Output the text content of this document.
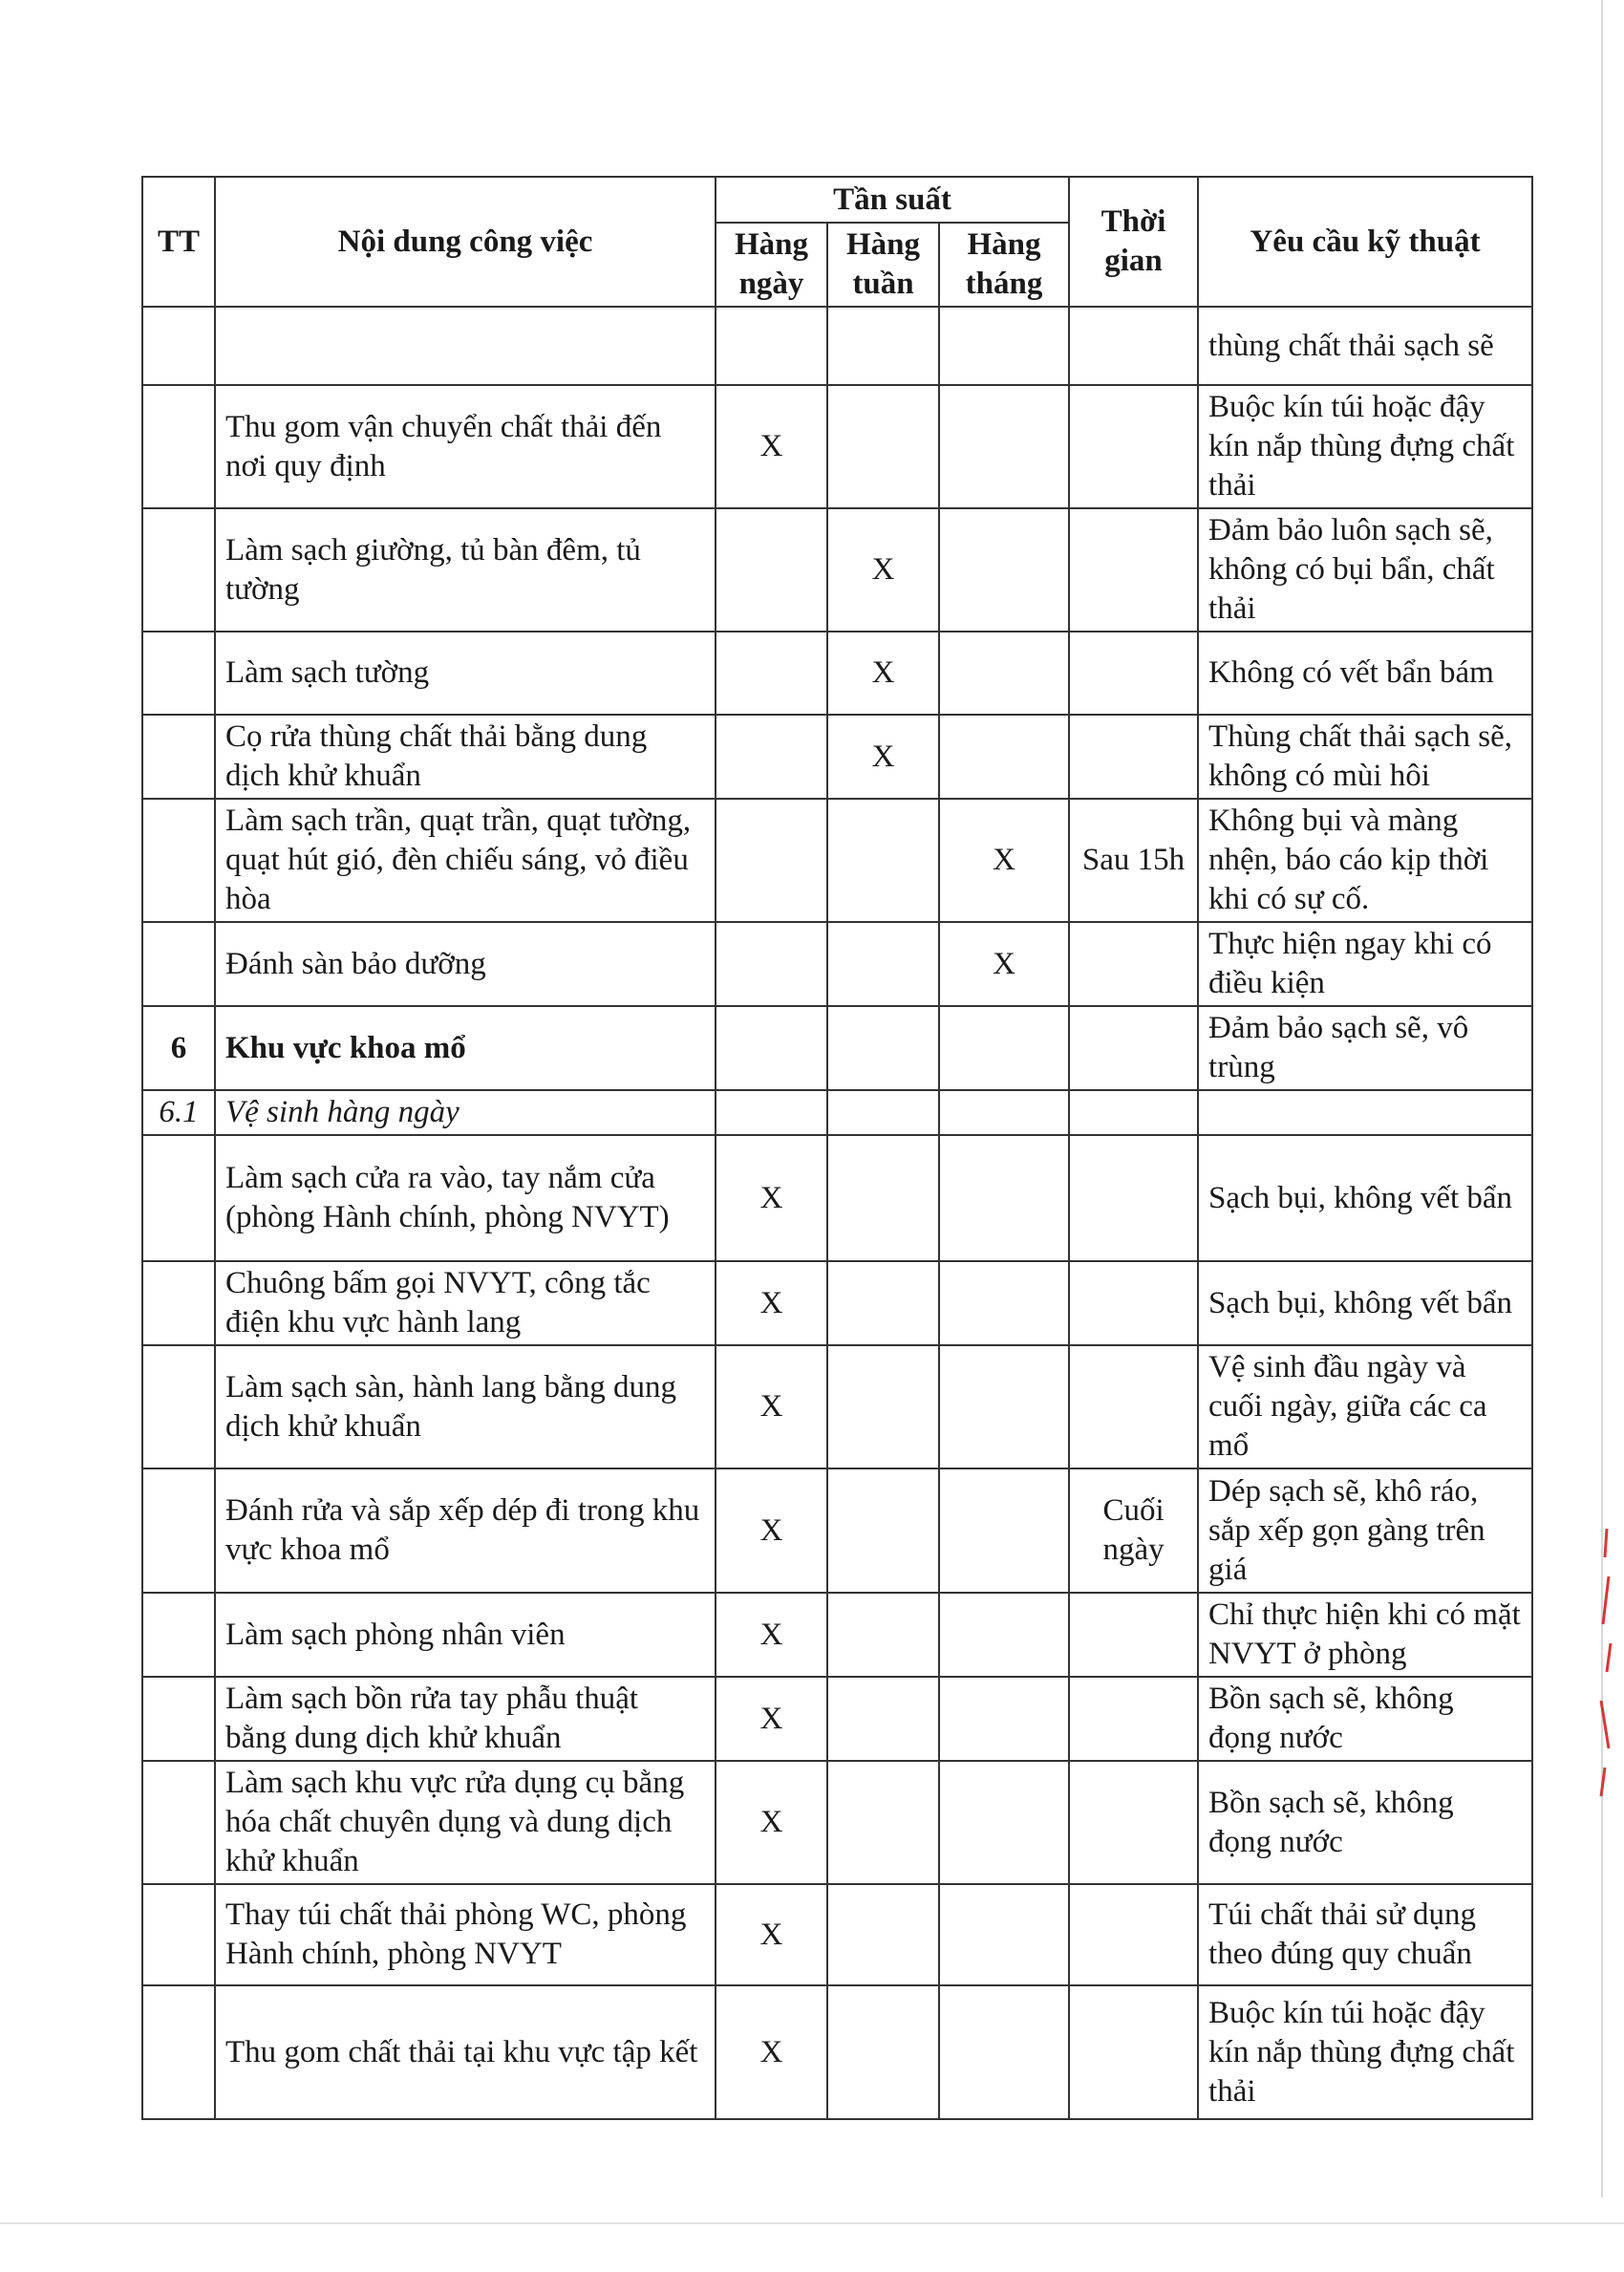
TT	Nội dung công việc	Tần suất			Thời gian	Yêu cầu kỹ thuật
		Hàng ngày	Hàng tuần	Hàng tháng		
						thùng chất thải sạch sẽ
	Thu gom vận chuyển chất thải đến nơi quy định	X				Buộc kín túi hoặc đậy kín nắp thùng đựng chất thải
	Làm sạch giường, tủ bàn đêm, tủ tường		X			Đảm bảo luôn sạch sẽ, không có bụi bẩn, chất thải
	Làm sạch tường		X			Không có vết bẩn bám
	Cọ rửa thùng chất thải bằng dung dịch khử khuẩn		X			Thùng chất thải sạch sẽ, không có mùi hôi
	Làm sạch trần, quạt trần, quạt tường, quạt hút gió, đèn chiếu sáng, vỏ điều hòa			X	Sau 15h	Không bụi và màng nhện, báo cáo kịp thời khi có sự cố.
	Đánh sàn bảo dưỡng			X		Thực hiện ngay khi có điều kiện
6	Khu vực khoa mổ					Đảm bảo sạch sẽ, vô trùng
6.1	Vệ sinh hàng ngày					
	Làm sạch cửa ra vào, tay nắm cửa (phòng Hành chính, phòng NVYT)	X				Sạch bụi, không vết bẩn
	Chuông bấm gọi NVYT, công tắc điện khu vực hành lang	X				Sạch bụi, không vết bẩn
	Làm sạch sàn, hành lang bằng dung dịch khử khuẩn	X				Vệ sinh đầu ngày và cuối ngày, giữa các ca mổ
	Đánh rửa và sắp xếp dép đi trong khu vực khoa mổ	X			Cuối ngày	Dép sạch sẽ, khô ráo, sắp xếp gọn gàng trên giá
	Làm sạch phòng nhân viên	X				Chỉ thực hiện khi có mặt NVYT ở phòng
	Làm sạch bồn rửa tay phẫu thuật bằng dung dịch khử khuẩn	X				Bồn sạch sẽ, không đọng nước
	Làm sạch khu vực rửa dụng cụ bằng hóa chất chuyên dụng và dung dịch khử khuẩn	X				Bồn sạch sẽ, không đọng nước
	Thay túi chất thải phòng WC, phòng Hành chính, phòng NVYT	X				Túi chất thải sử dụng theo đúng quy chuẩn
	Thu gom chất thải tại khu vực tập kết	X				Buộc kín túi hoặc đậy kín nắp thùng đựng chất thải
